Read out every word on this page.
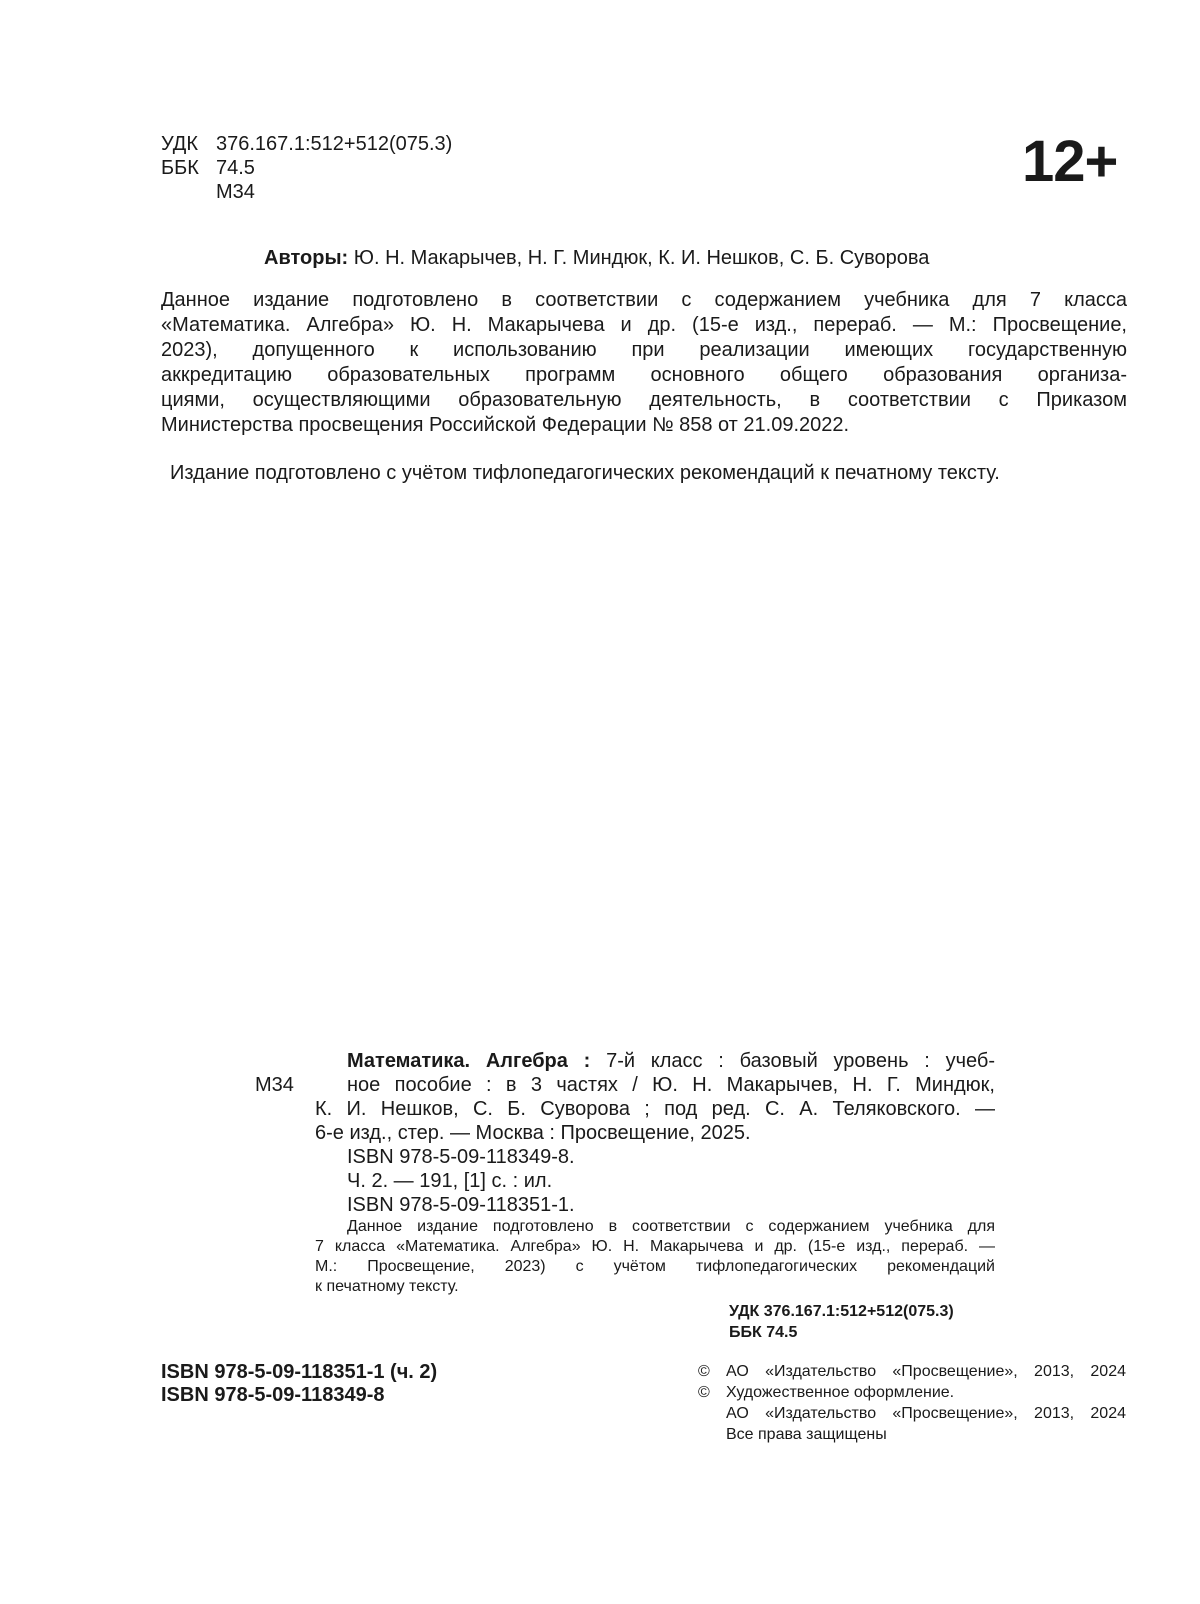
УДК 376.167.1:512+512(075.3)
ББК 74.5
М34	12+
Авторы: Ю. Н. Макарычев, Н. Г. Миндюк, К. И. Нешков, С. Б. Суворова
Данное издание подготовлено в соответствии с содержанием учебника для 7 класса
«Математика. Алгебра» Ю. Н. Макарычева и др. (15-е изд., перераб. — М.: Просвещение,
2023), допущенного к использованию при реализации имеющих государственную
аккредитацию образовательных программ основного общего образования организа-
циями, осуществляющими образовательную деятельность, в соответствии с Приказом
Министерства просвещения Российской Федерации № 858 от 21.09.2022.
Издание подготовлено с учётом тифлопедагогических рекомендаций к печатному тексту.
М34
Математика. Алгебра : 7-й класс : базовый уровень : учеб-
ное пособие : в 3 частях / Ю. Н. Макарычев, Н. Г. Миндюк,
К. И. Нешков, С. Б. Суворова ; под ред. С. А. Теляковского. —
6-е изд., стер. — Москва : Просвещение, 2025.
ISBN 978-5-09-118349-8.
Ч. 2. — 191, [1] с. : ил.
ISBN 978-5-09-118351-1.
Данное издание подготовлено в соответствии с содержанием учебника для
7 класса «Математика. Алгебра» Ю. Н. Макарычева и др. (15-е изд., перераб. —
М.: Просвещение, 2023) с учётом тифлопедагогических рекомендаций
к печатному тексту.
УДК 376.167.1:512+512(075.3)
ББК 74.5
ISBN 978-5-09-118351-1 (ч. 2)
ISBN 978-5-09-118349-8
©	АО «Издательство «Просвещение», 2013, 2024
©	Художественное оформление.
АО «Издательство «Просвещение», 2013, 2024
Все права защищены
